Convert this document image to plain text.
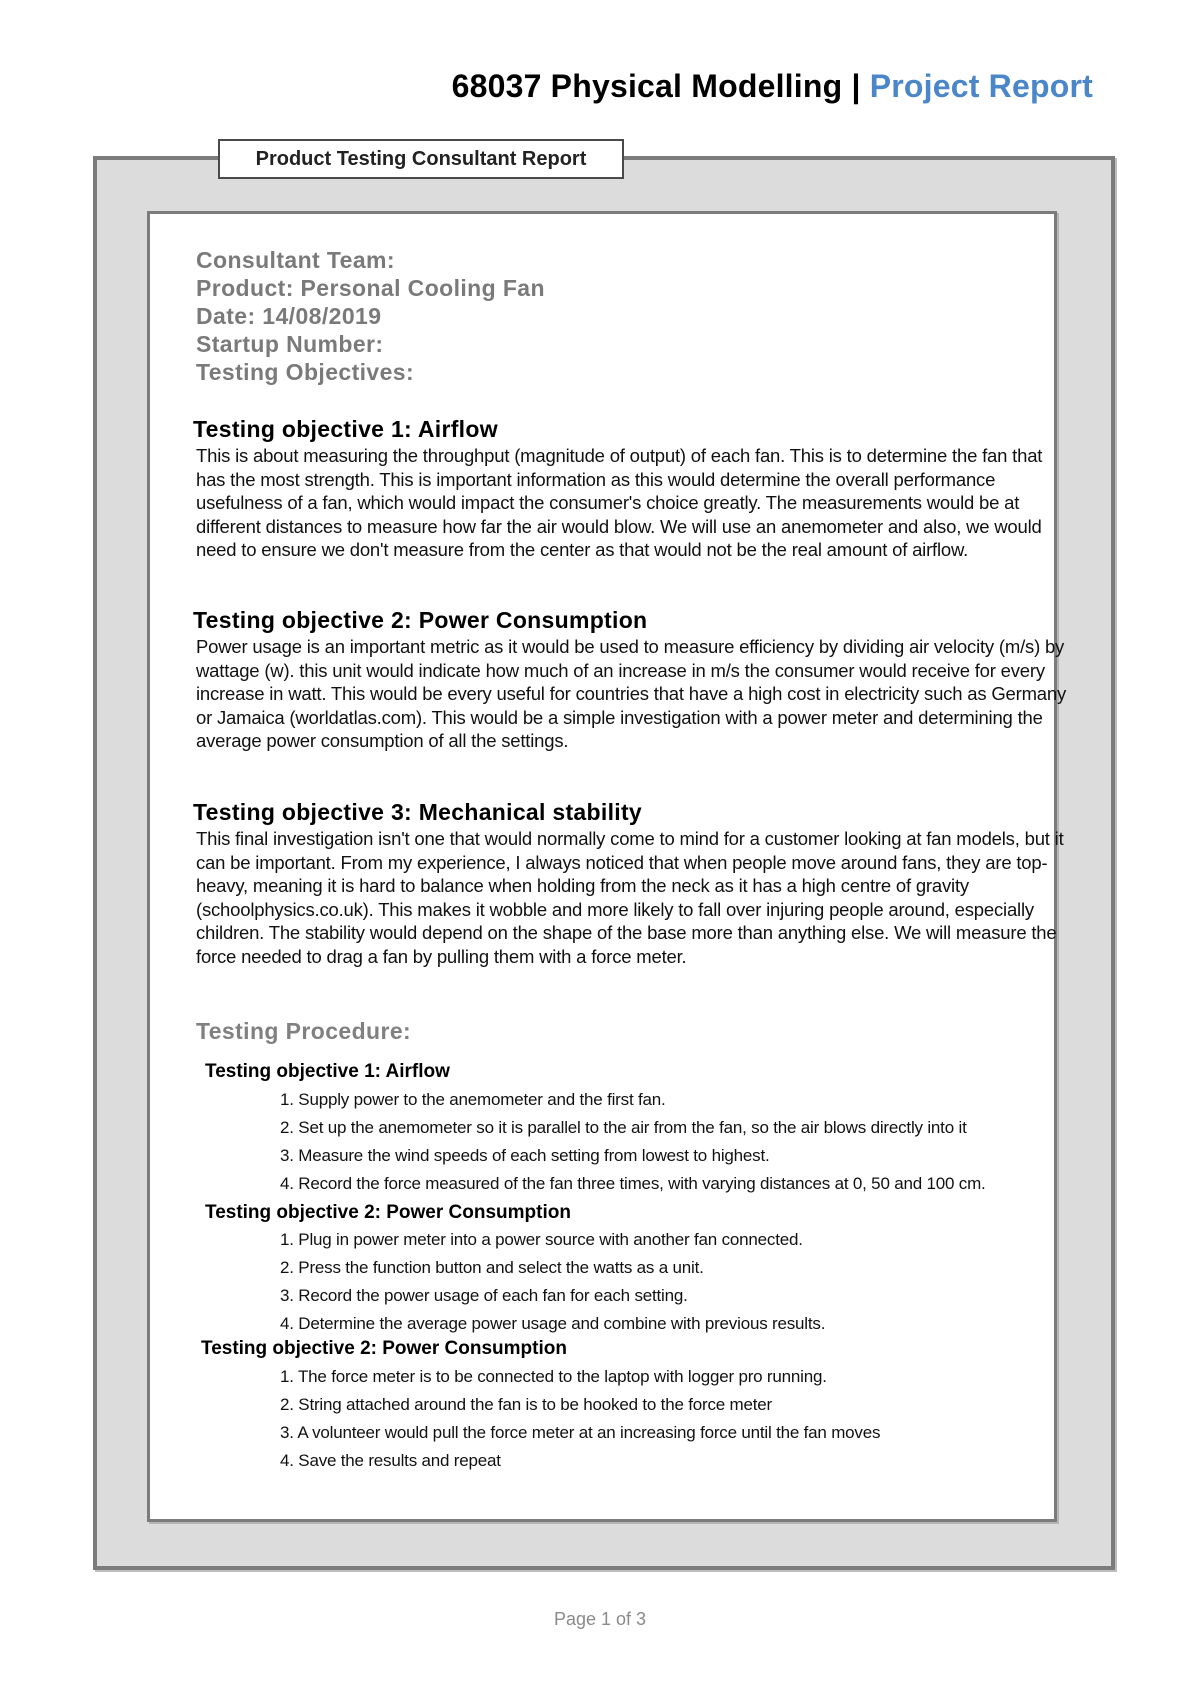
68037 Physical Modelling | Project Report
Product Testing Consultant Report
Consultant Team:
Product: Personal Cooling Fan
Date: 14/08/2019
Startup Number:
Testing Objectives:
Testing objective 1: Airflow

This is about measuring the throughput (magnitude of output) of each fan. This is to determine the fan that has the most strength. This is important information as this would determine the overall performance usefulness of a fan, which would impact the consumer's choice greatly. The measurements would be at different distances to measure how far the air would blow. We will use an anemometer and also, we would need to ensure we don't measure from the center as that would not be the real amount of airflow.

Testing objective 2: Power Consumption

Power usage is an important metric as it would be used to measure efficiency by dividing air velocity (m/s) by wattage (w). this unit would indicate how much of an increase in m/s the consumer would receive for every increase in watt. This would be every useful for countries that have a high cost in electricity such as Germany or Jamaica (worldatlas.com). This would be a simple investigation with a power meter and determining the average power consumption of all the settings.

Testing objective 3: Mechanical stability

This final investigation isn't one that would normally come to mind for a customer looking at fan models, but it can be important. From my experience, I always noticed that when people move around fans, they are top-heavy, meaning it is hard to balance when holding from the neck as it has a high centre of gravity (schoolphysics.co.uk). This makes it wobble and more likely to fall over injuring people around, especially children. The stability would depend on the shape of the base more than anything else. We will measure the force needed to drag a fan by pulling them with a force meter.

Testing Procedure:
Testing objective 1: Airflow
1. Supply power to the anemometer and the first fan.
2. Set up the anemometer so it is parallel to the air from the fan, so the air blows directly into it
3. Measure the wind speeds of each setting from lowest to highest.
4. Record the force measured of the fan three times, with varying distances at 0, 50 and 100 cm.
Testing objective 2: Power Consumption
1. Plug in power meter into a power source with another fan connected.
2. Press the function button and select the watts as a unit.
3. Record the power usage of each fan for each setting.
4. Determine the average power usage and combine with previous results.
Testing objective 2: Power Consumption
1. The force meter is to be connected to the laptop with logger pro running.
2. String attached around the fan is to be hooked to the force meter
3. A volunteer would pull the force meter at an increasing force until the fan moves
4. Save the results and repeat
Page 1 of 3
